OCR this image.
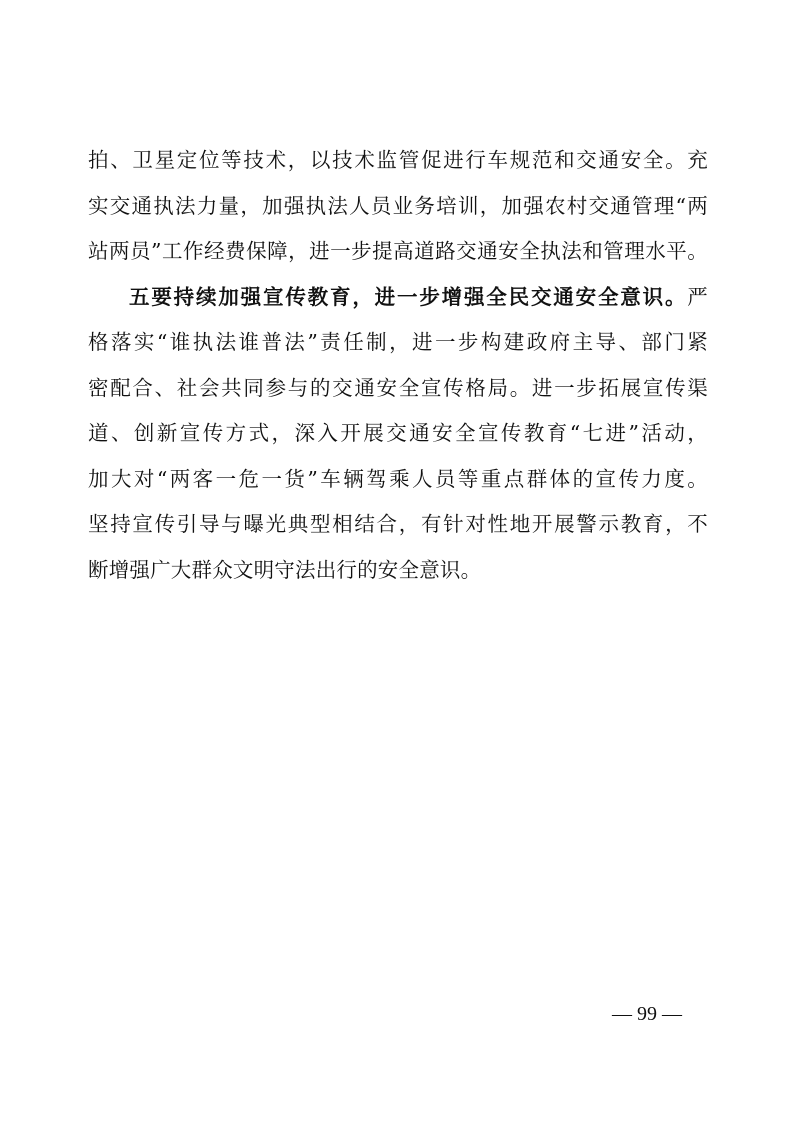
拍、卫星定位等技术，以技术监管促进行车规范和交通安全。充
实交通执法力量，加强执法人员业务培训，加强农村交通管理“两
站两员”工作经费保障，进一步提高道路交通安全执法和管理水平。
五要持续加强宣传教育，进一步增强全民交通安全意识。严
格落实“谁执法谁普法”责任制，进一步构建政府主导、部门紧
密配合、社会共同参与的交通安全宣传格局。进一步拓展宣传渠
道、创新宣传方式，深入开展交通安全宣传教育“七进”活动，
加大对“两客一危一货”车辆驾乘人员等重点群体的宣传力度。
坚持宣传引导与曝光典型相结合，有针对性地开展警示教育，不
断增强广大群众文明守法出行的安全意识。
— 99 —
